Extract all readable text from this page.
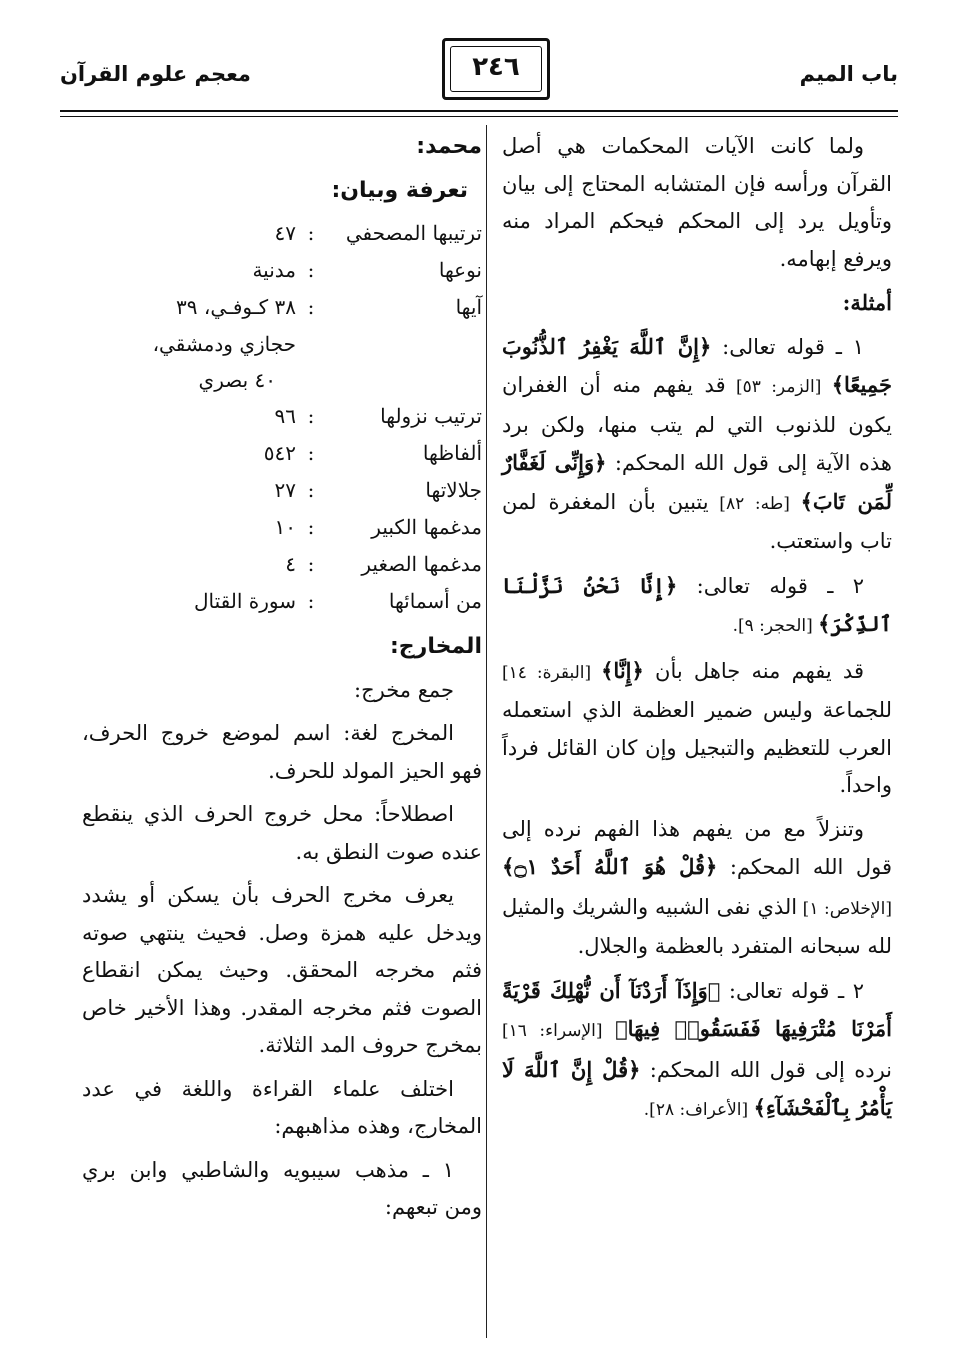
باب الميم
٢٤٦
معجم علوم القرآن

ولما كانت الآيات المحكمات هي أصل القرآن ورأسه فإن المتشابه المحتاج إلى بيان وتأويل يرد إلى المحكم فيحكم المراد منه ويرفع إبهامه.

أمثلة:

١ ـ قوله تعالى: ﴿إِنَّ ٱللَّهَ يَغْفِرُ ٱلذُّنُوبَ جَمِيعًا﴾ [الزمر: ٥٣] قد يفهم منه أن الغفران يكون للذنوب التي لم يتب منها، ولكن برد هذه الآية إلى قول الله المحكم: ﴿وَإِنِّى لَغَفَّارٌ لِّمَن تَابَ﴾ [طه: ٨٢] يتبين بأن المغفرة لمن تاب واستعتب.

٢ ـ قوله تعالى: ﴿إِنَّا نَحْنُ نَزَّلْنَا ٱلذِّكْرَ﴾ [الحجر: ٩].

قد يفهم منه جاهل بأن ﴿إِنَّا﴾ [البقرة: ١٤] للجماعة وليس ضمير العظمة الذي استعمله العرب للتعظيم والتبجيل وإن كان القائل فرداً واحداً.

وتنزلاً مع من يفهم هذا الفهم نرده إلى قول الله المحكم: ﴿قُلْ هُوَ ٱللَّهُ أَحَدٌ ۝١﴾ [الإخلاص: ١] الذي نفى الشبيه والشريك والمثيل لله سبحانه المتفرد بالعظمة والجلال.

٢ ـ قوله تعالى: ﴿وَإِذَآ أَرَدْنَآ أَن نُّهْلِكَ قَرْيَةً أَمَرْنَا مُتْرَفِيهَا فَفَسَقُوا۟ فِيهَا﴾ [الإسراء: ١٦] نرده إلى قول الله المحكم: ﴿قُلْ إِنَّ ٱللَّهَ لَا يَأْمُرُ بِٱلْفَحْشَآءِ﴾ [الأعراف: ٢٨].

محمد:

تعرفة وبيان:

ترتيبها المصحفي
:
٤٧
نوعها
:
مدنية
آيها
:
٣٨ كـوفـي، ٣٩
حجازي ودمشقي،
٤٠ بصري
ترتيب نزولها
:
٩٦
ألفاظها
:
٥٤٢
جلالاتها
:
٢٧
مدغمها الكبير
:
١٠
مدغمها الصغير
:
٤
من أسمائها
:
سورة القتال

المخارج:

جمع مخرج:

المخرج لغة: اسم لموضع خروج الحرف، فهو الحيز المولد للحرف.

اصطلاحاً: محل خروج الحرف الذي ينقطع عنده صوت النطق به.

يعرف مخرج الحرف بأن يسكن أو يشدد ويدخل عليه همزة وصل. فحيث ينتهي صوته فثم مخرجه المحقق. وحيث يمكن انقطاع الصوت فثم مخرجه المقدر. وهذا الأخير خاص بمخرج حروف المد الثلاثة.

اختلف علماء القراءة واللغة في عدد المخارج، وهذه مذاهبهم:

١ ـ مذهب سيبويه والشاطبي وابن بري ومن تبعهم:
